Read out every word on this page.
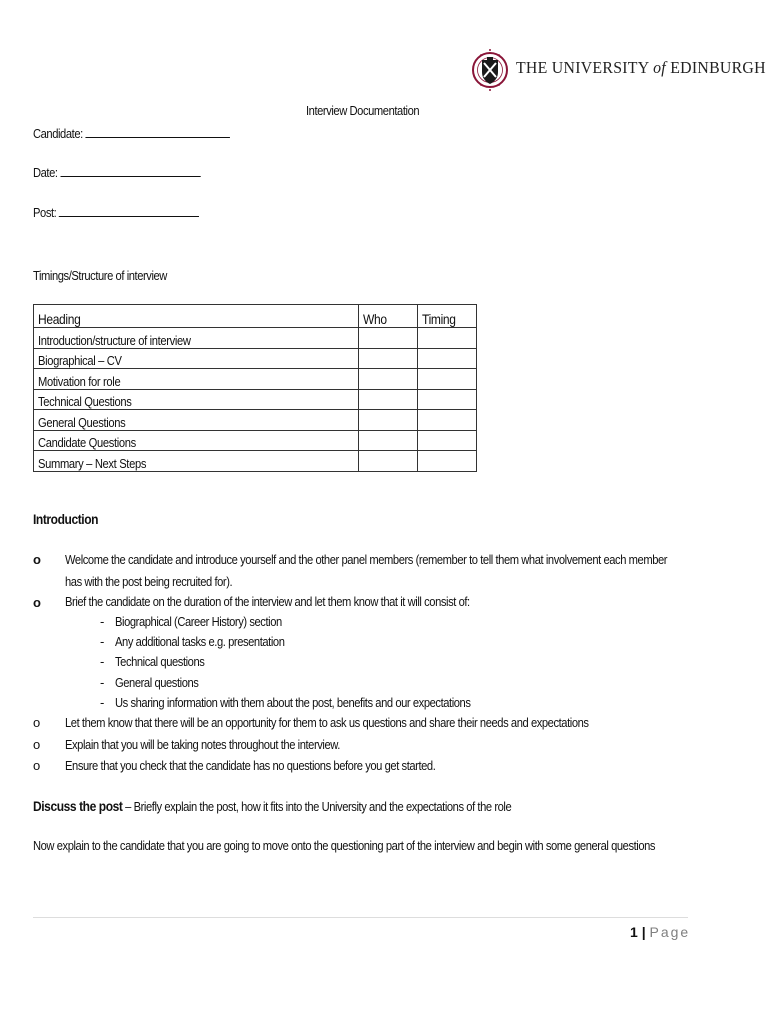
THE UNIVERSITY of EDINBURGH
Interview Documentation
Candidate:
Date:
Post:
Timings/Structure of interview
Heading	Who	Timing
Introduction/structure of interview		
Biographical – CV		
Motivation for role		
Technical Questions		
General Questions		
Candidate Questions		
Summary – Next Steps		
Introduction
o Welcome the candidate and introduce yourself and the other panel members (remember to tell them what involvement each member
has with the post being recruited for).
o Brief the candidate on the duration of the interview and let them know that it will consist of:
- Biographical (Career History) section
- Any additional tasks e.g. presentation
- Technical questions
- General questions
- Us sharing information with them about the post, benefits and our expectations
o Let them know that there will be an opportunity for them to ask us questions and share their needs and expectations
o Explain that you will be taking notes throughout the interview.
o Ensure that you check that the candidate has no questions before you get started.
Discuss the post – Briefly explain the post, how it fits into the University and the expectations of the role
Now explain to the candidate that you are going to move onto the questioning part of the interview and begin with some general questions
1 | Page
